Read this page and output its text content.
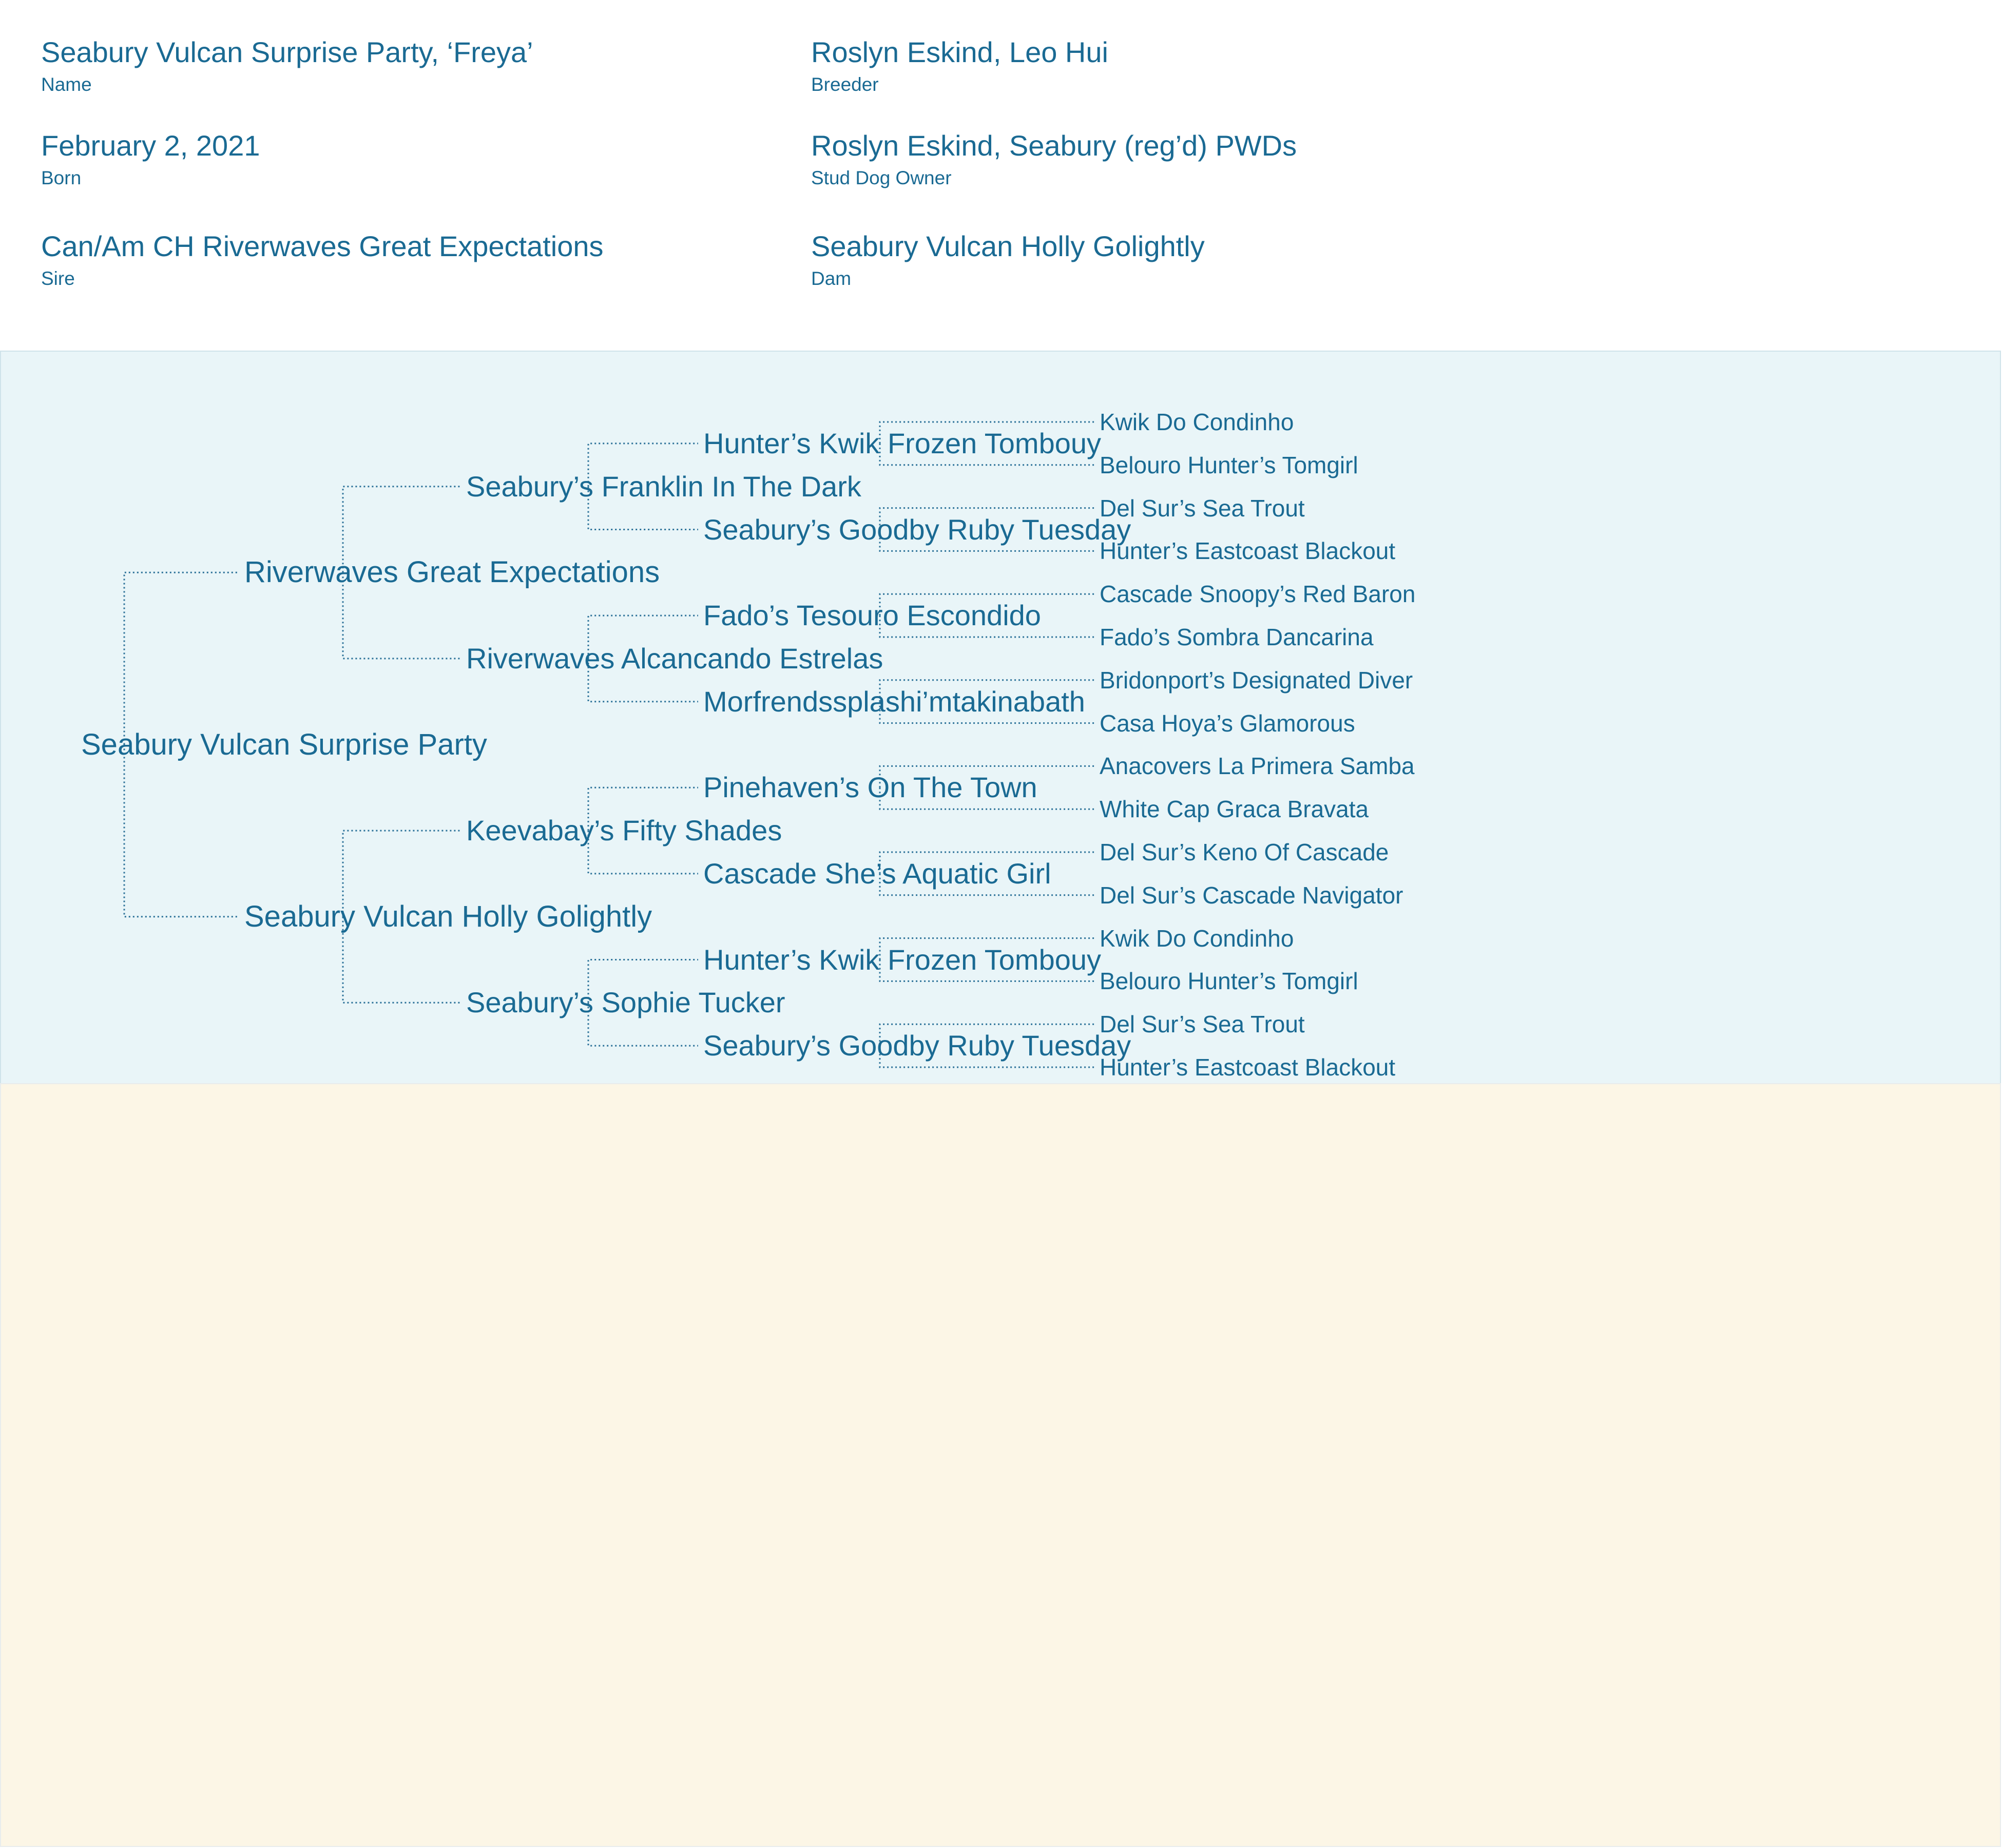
Seabury Vulcan Surprise Party, ‘Freya’
Name
Roslyn Eskind, Leo Hui
Breeder
February 2, 2021
Born
Roslyn Eskind, Seabury (reg’d) PWDs
Stud Dog Owner
Can/Am CH Riverwaves Great Expectations
Sire
Seabury Vulcan Holly Golightly
Dam
Seabury Vulcan Surprise Party
Riverwaves Great Expectations
Seabury’s Franklin In The Dark
Hunter’s Kwik Frozen Tombouy
Kwik Do Condinho
Belouro Hunter’s Tomgirl
Seabury’s Goodby Ruby Tuesday
Del Sur’s Sea Trout
Hunter’s Eastcoast Blackout
Riverwaves Alcancando Estrelas
Fado’s Tesouro Escondido
Cascade Snoopy’s Red Baron
Fado’s Sombra Dancarina
Morfrendssplashi’mtakinabath
Bridonport’s Designated Diver
Casa Hoya’s Glamorous
Seabury Vulcan Holly Golightly
Keevabay’s Fifty Shades
Pinehaven’s On The Town
Anacovers La Primera Samba
White Cap Graca Bravata
Cascade She’s Aquatic Girl
Del Sur’s Keno Of Cascade
Del Sur’s Cascade Navigator
Seabury’s Sophie Tucker
Hunter’s Kwik Frozen Tombouy
Kwik Do Condinho
Belouro Hunter’s Tomgirl
Seabury’s Goodby Ruby Tuesday
Del Sur’s Sea Trout
Hunter’s Eastcoast Blackout
